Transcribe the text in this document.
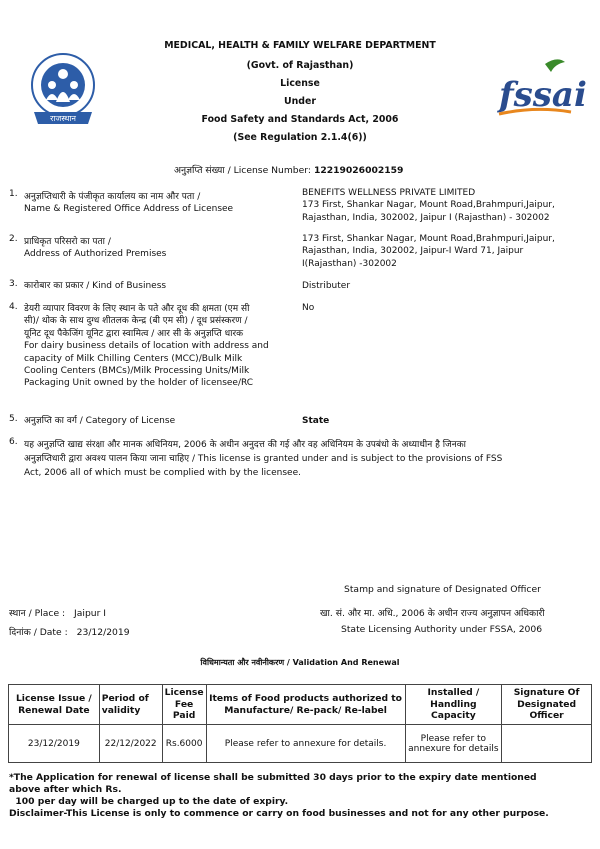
MEDICAL, HEALTH & FAMILY WELFARE DEPARTMENT
(Govt. of Rajasthan)
License
Under
Food Safety and Standards Act, 2006
(See Regulation 2.1.4(6))
राजस्थान
fssai
अनुज्ञप्ति संख्या / License Number: 12219026002159
1. अनुज्ञप्तिधारी के पंजीकृत कार्यालय का नाम और पता /
Name & Registered Office Address of Licensee
BENEFITS WELLNESS PRIVATE LIMITED
173 First, Shankar Nagar, Mount Road,Brahmpuri,Jaipur,
Rajasthan, India, 302002, Jaipur I (Rajasthan) - 302002
2. प्राधिकृत परिसरो का पता /
Address of Authorized Premises
173 First, Shankar Nagar, Mount Road,Brahmpuri,Jaipur,
Rajasthan, India, 302002, Jaipur-I Ward 71, Jaipur
I(Rajasthan) -302002
3. कारोबार का प्रकार / Kind of Business	Distributer
4. डेयरी व्यापार विवरण के लिए स्थान के पते और दूध की क्षमता (एम सी
सी)/ थोक के साथ दुग्ध शीतलक केन्द्र (बी एम सी) / दूध प्रसंस्करण /
यूनिट दूध पैकेजिंग यूनिट द्वारा स्वामित्व / आर सी के अनुज्ञप्ति धारक
For dairy business details of location with address and
capacity of Milk Chilling Centers (MCC)/Bulk Milk
Cooling Centers (BMCs)/Milk Processing Units/Milk
Packaging Unit owned by the holder of licensee/RC
No
5. अनुज्ञप्ति का वर्ग / Category of License	State
6. यह अनुज्ञप्ति खाद्य संरक्षा और मानक अधिनियम, 2006 के अधीन अनुदत्त की गई और वह अधिनियम के उपबंधो के अध्याधीन है जिनका
अनुज्ञप्तिधारी द्वारा अवश्य पालन किया जाना चाहिए / This license is granted under and is subject to the provisions of FSS
Act, 2006 all of which must be complied with by the licensee.
Stamp and signature of Designated Officer
स्थान / Place : Jaipur I
दिनांक / Date : 23/12/2019
खा. सं. और मा. अधि., 2006 के अधीन राज्य अनुज्ञापन अधिकारी
State Licensing Authority under FSSA, 2006
विधिमान्यता और नवीनीकरण / Validation And Renewal
License Issue / Renewal Date	Period of validity	License Fee Paid	Items of Food products authorized to Manufacture/ Re-pack/ Re-label	Installed / Handling Capacity	Signature Of Designated Officer
23/12/2019	22/12/2022	Rs.6000	Please refer to annexure for details.	Please refer to annexure for details	
*The Application for renewal of license shall be submitted 30 days prior to the expiry date mentioned
above after which Rs.
100 per day will be charged up to the date of expiry.
Disclaimer-This License is only to commence or carry on food businesses and not for any other purpose.
